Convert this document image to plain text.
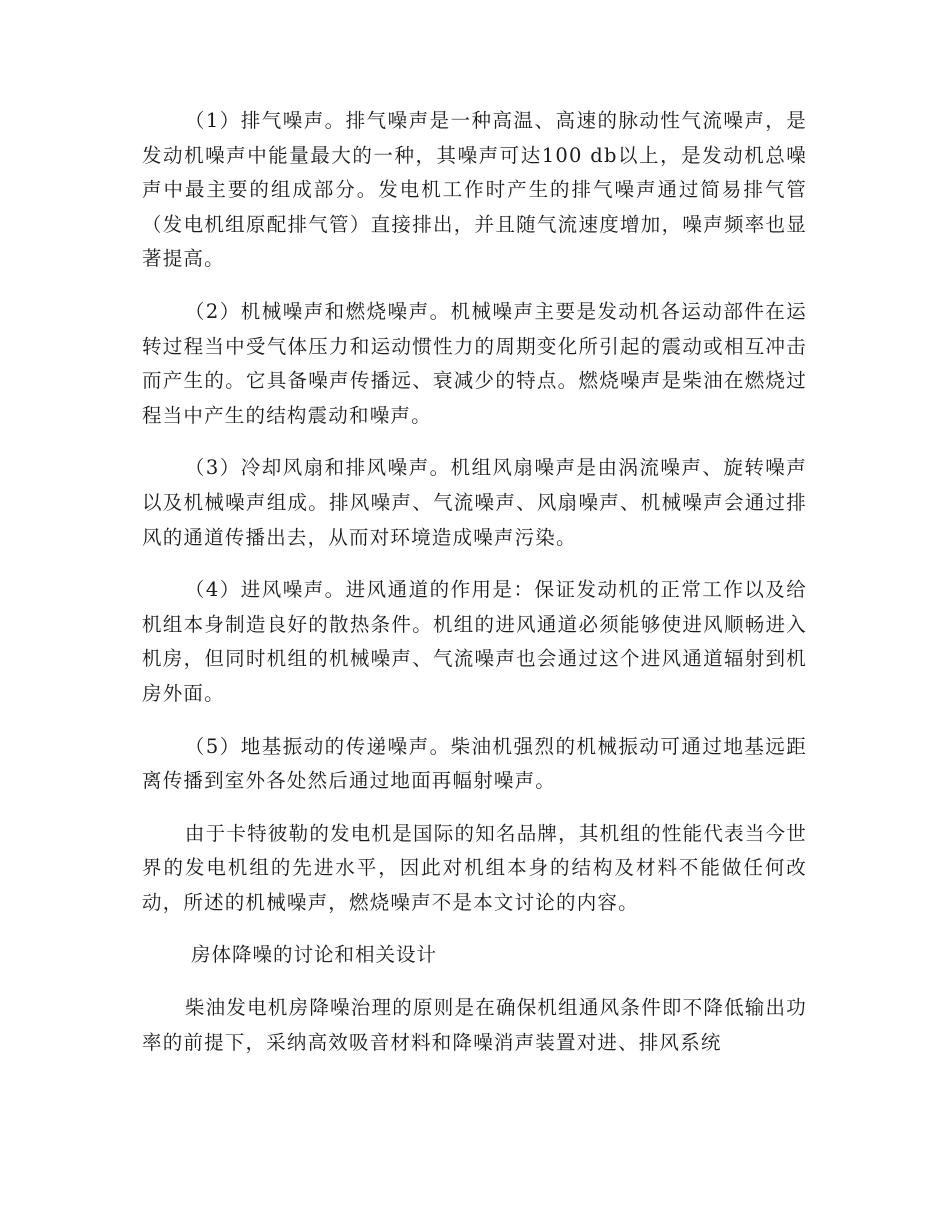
（1）排气噪声。排气噪声是一种高温、高速的脉动性气流噪声，是发动机噪声中能量最大的一种，其噪声可达100 db以上，是发动机总噪声中最主要的组成部分。发电机工作时产生的排气噪声通过简易排气管（发电机组原配排气管）直接排出，并且随气流速度增加，噪声频率也显著提高。

（2）机械噪声和燃烧噪声。机械噪声主要是发动机各运动部件在运转过程当中受气体压力和运动惯性力的周期变化所引起的震动或相互冲击而产生的。它具备噪声传播远、衰减少的特点。燃烧噪声是柴油在燃烧过程当中产生的结构震动和噪声。

（3）冷却风扇和排风噪声。机组风扇噪声是由涡流噪声、旋转噪声以及机械噪声组成。排风噪声、气流噪声、风扇噪声、机械噪声会通过排风的通道传播出去，从而对环境造成噪声污染。

（4）进风噪声。进风通道的作用是：保证发动机的正常工作以及给机组本身制造良好的散热条件。机组的进风通道必须能够使进风顺畅进入机房，但同时机组的机械噪声、气流噪声也会通过这个进风通道辐射到机房外面。

（5）地基振动的传递噪声。柴油机强烈的机械振动可通过地基远距离传播到室外各处然后通过地面再幅射噪声。

由于卡特彼勒的发电机是国际的知名品牌，其机组的性能代表当今世界的发电机组的先进水平，因此对机组本身的结构及材料不能做任何改动，所述的机械噪声，燃烧噪声不是本文讨论的内容。

房体降噪的讨论和相关设计

柴油发电机房降噪治理的原则是在确保机组通风条件即不降低输出功率的前提下，采纳高效吸音材料和降噪消声装置对进、排风系统
